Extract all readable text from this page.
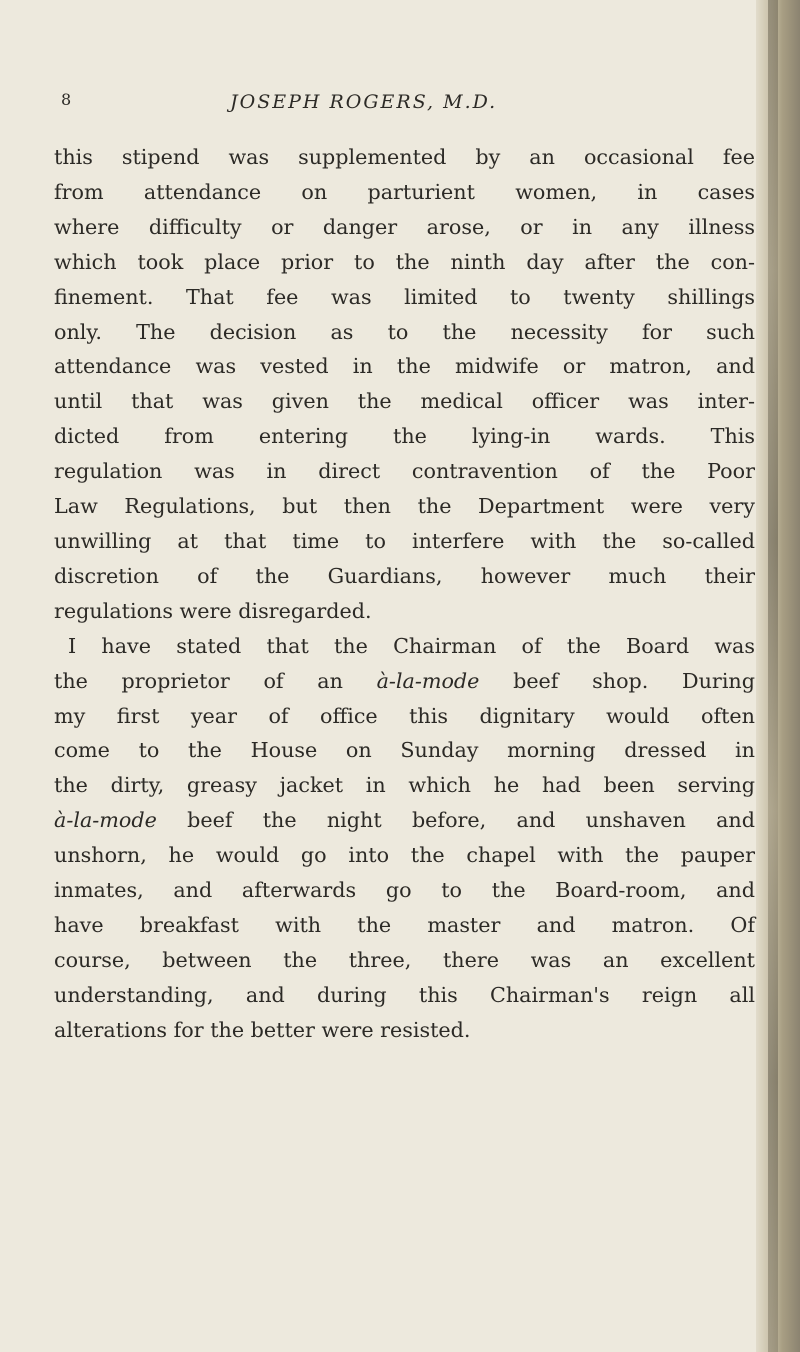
8	JOSEPH ROGERS, M.D.
this stipend was supplemented by an occasional fee
from attendance on parturient women, in cases
where difficulty or danger arose, or in any illness
which took place prior to the ninth day after the con-
finement. That fee was limited to twenty shillings
only. The decision as to the necessity for such
attendance was vested in the midwife or matron, and
until that was given the medical officer was inter-
dicted from entering the lying-in wards. This
regulation was in direct contravention of the Poor
Law Regulations, but then the Department were very
unwilling at that time to interfere with the so-called
discretion of the Guardians, however much their
regulations were disregarded.
I have stated that the Chairman of the Board was
the proprietor of an à-la-mode beef shop. During
my first year of office this dignitary would often
come to the House on Sunday morning dressed in
the dirty, greasy jacket in which he had been serving
à-la-mode beef the night before, and unshaven and
unshorn, he would go into the chapel with the pauper
inmates, and afterwards go to the Board-room, and
have breakfast with the master and matron. Of
course, between the three, there was an excellent
understanding, and during this Chairman's reign all
alterations for the better were resisted.
